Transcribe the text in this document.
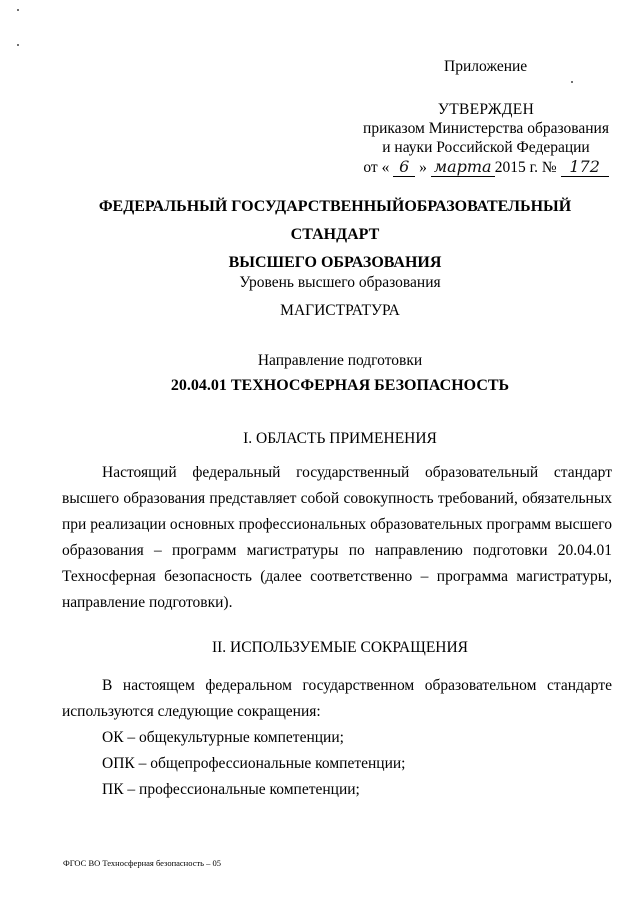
Приложение
УТВЕРЖДЕН
приказом Министерства образования
и науки Российской Федерации
от « 6 » марта 2015 г. № 172
ФЕДЕРАЛЬНЫЙ ГОСУДАРСТВЕННЫЙОБРАЗОВАТЕЛЬНЫЙ СТАНДАРТ
ВЫСШЕГО ОБРАЗОВАНИЯ
Уровень высшего образования
МАГИСТРАТУРА
Направление подготовки
20.04.01 ТЕХНОСФЕРНАЯ БЕЗОПАСНОСТЬ
I. ОБЛАСТЬ ПРИМЕНЕНИЯ
Настоящий федеральный государственный образовательный стандарт высшего образования представляет собой совокупность требований, обязательных при реализации основных профессиональных образовательных программ высшего образования – программ магистратуры по направлению подготовки 20.04.01 Техносферная безопасность (далее соответственно – программа магистратуры, направление подготовки).
II. ИСПОЛЬЗУЕМЫЕ СОКРАЩЕНИЯ
В настоящем федеральном государственном образовательном стандарте используются следующие сокращения:
ОК – общекультурные компетенции;
ОПК – общепрофессиональные компетенции;
ПК – профессиональные компетенции;
ФГОС ВО Техносферная безопасность – 05
